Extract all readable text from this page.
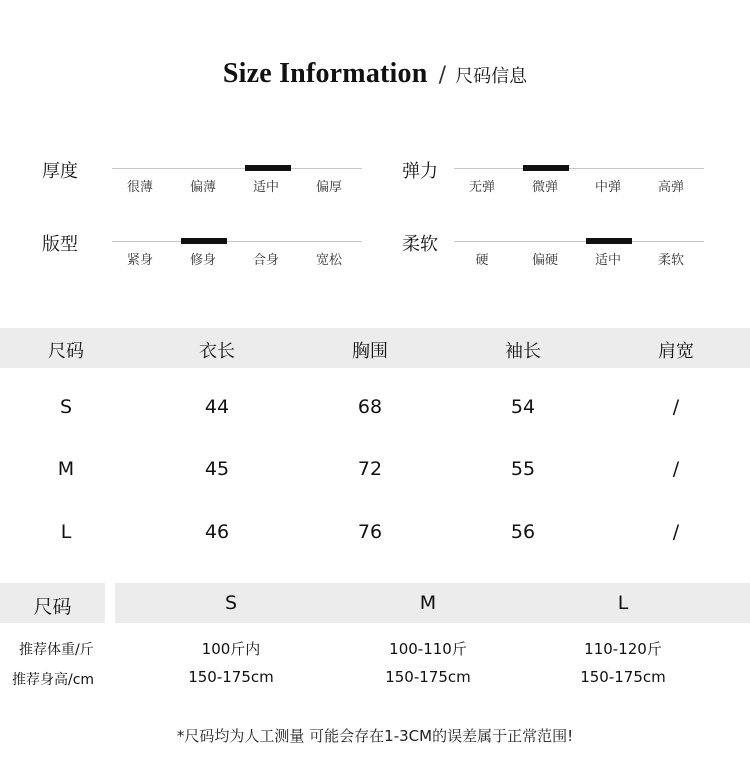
Size Information / 尺码信息
厚度
很薄	偏薄	适中	偏厚
弹力
无弹	微弹	中弹	高弹
版型
紧身	修身	合身	宽松
柔软
硬	偏硬	适中	柔软
尺码	衣长	胸围	袖长	肩宽
S	44	68	54	/
M	45	72	55	/
L	46	76	56	/
尺码	S	M	L
推荐体重/斤	100斤内	100-110斤	110-120斤
推荐身高/cm	150-175cm	150-175cm	150-175cm
*尺码均为人工测量 可能会存在1-3CM的误差属于正常范围!
